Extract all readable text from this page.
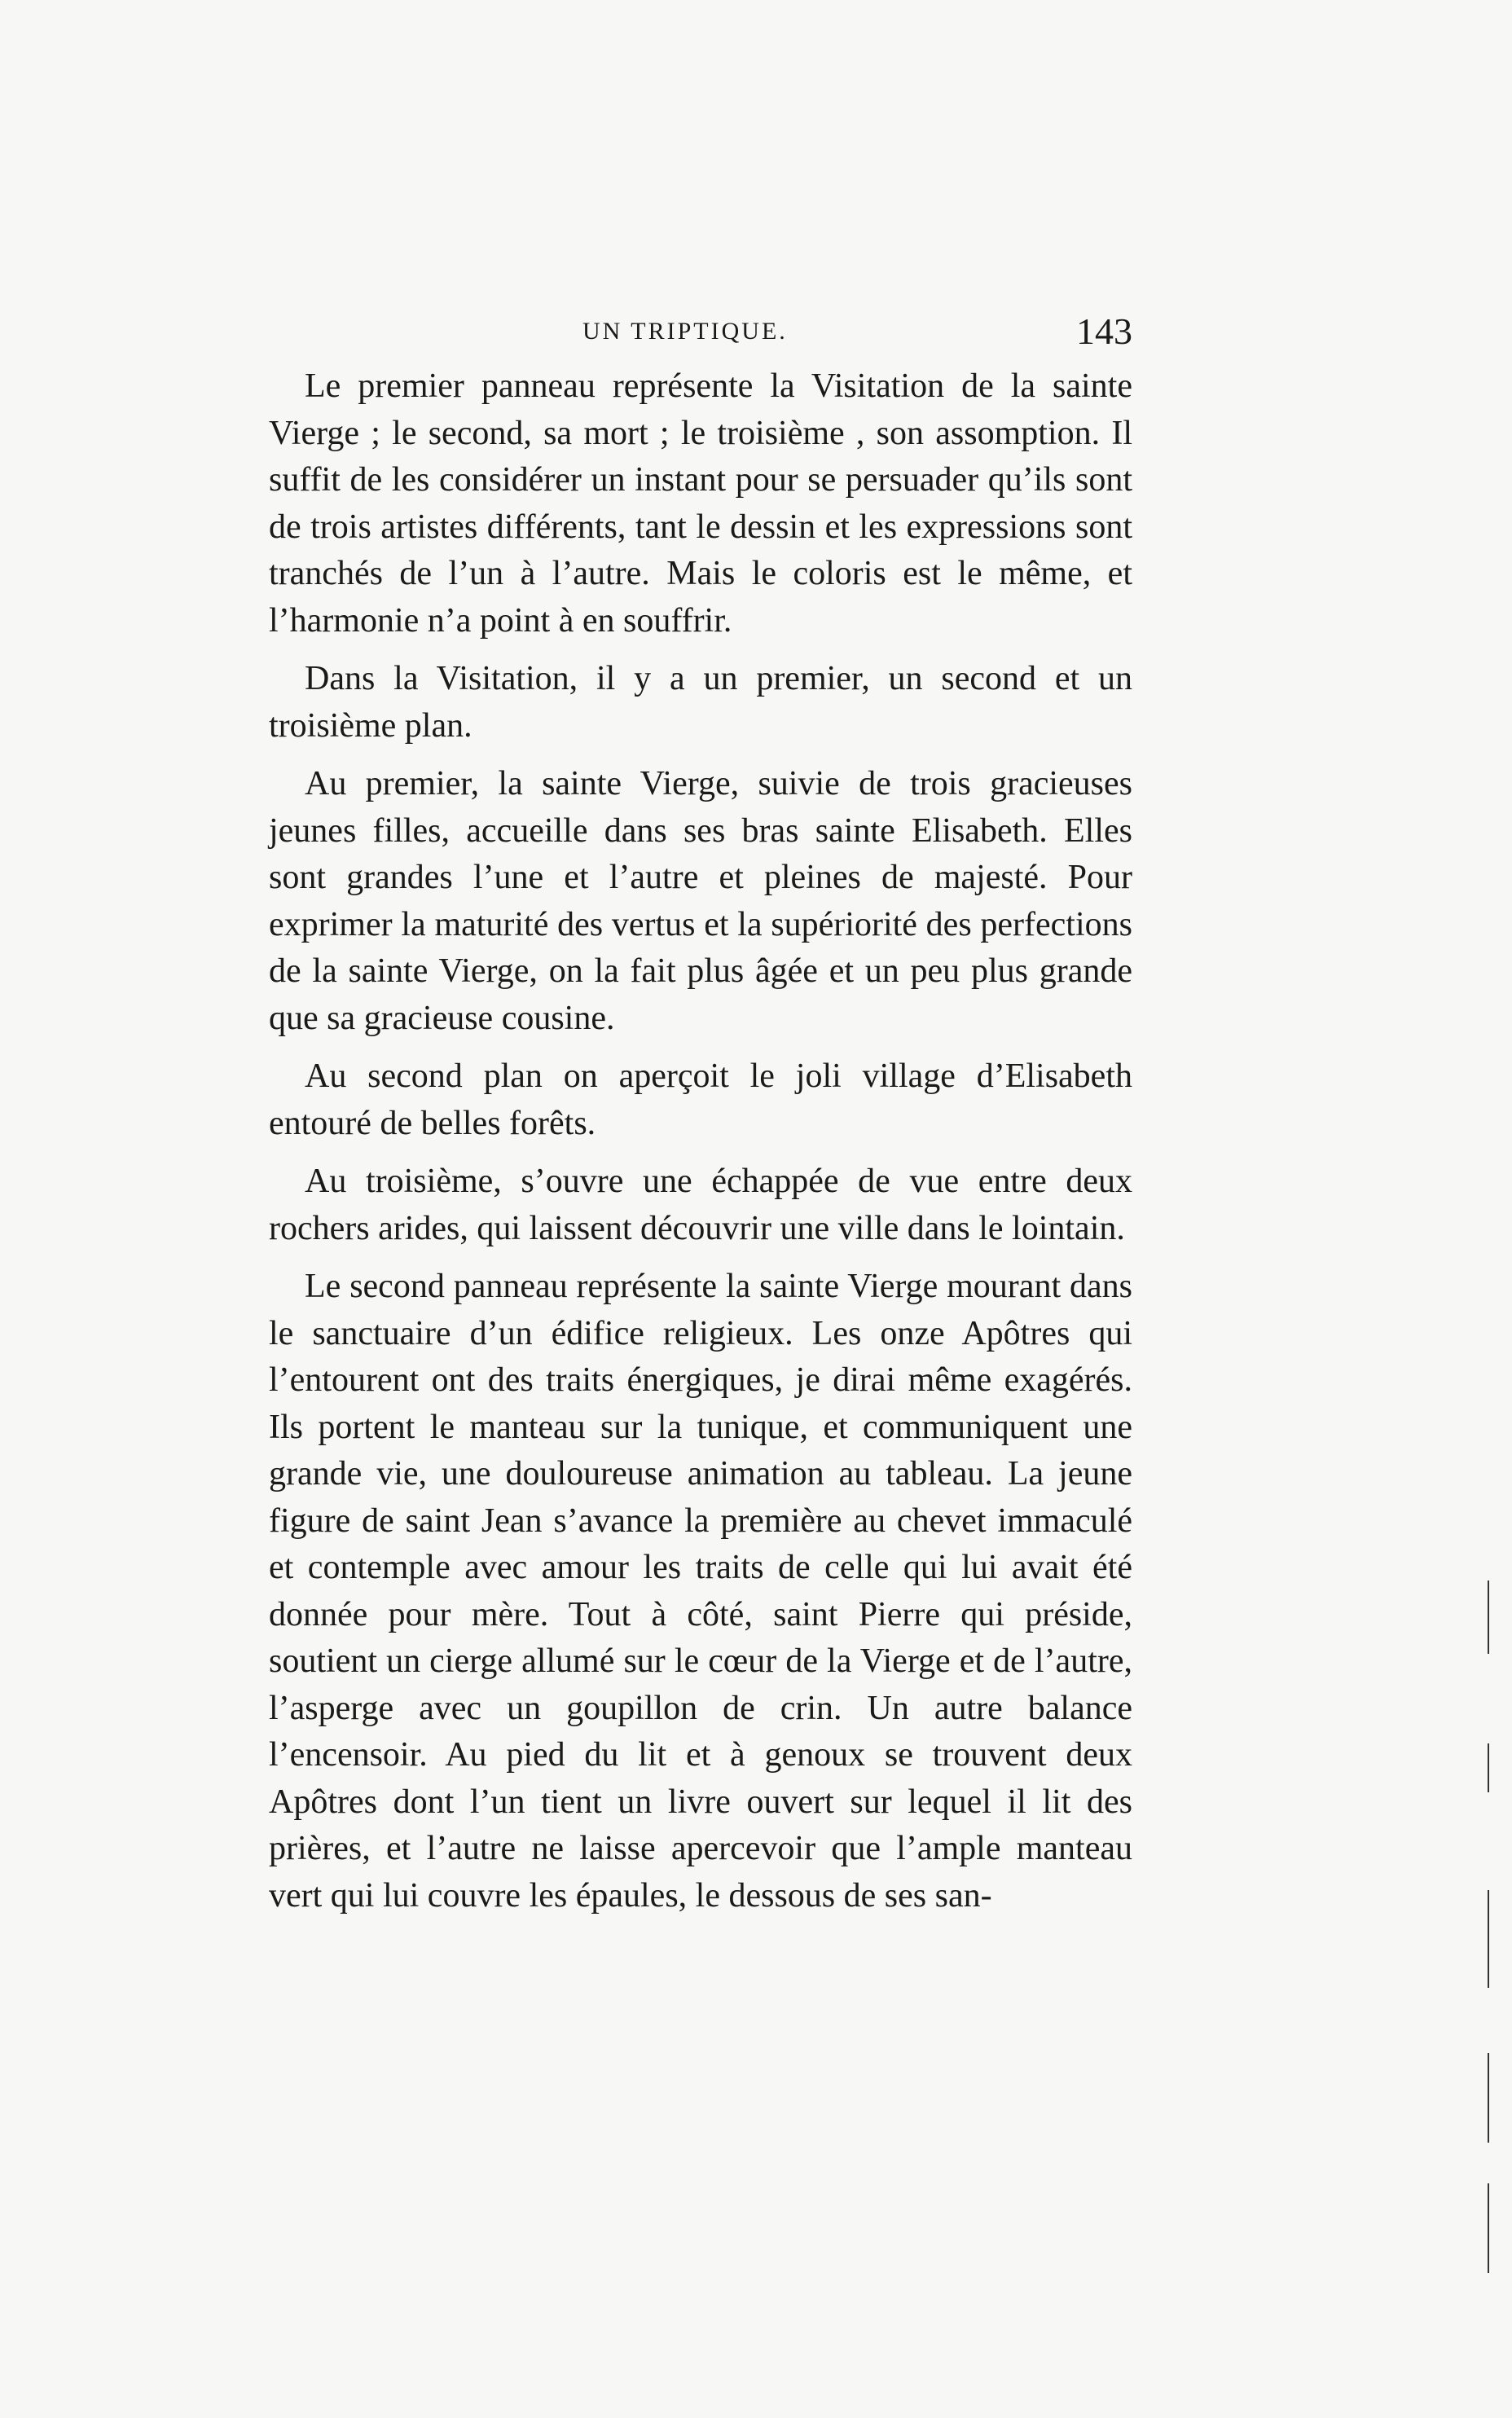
UN TRIPTIQUE.	143

Le premier panneau représente la Visitation de la sainte Vierge ; le second, sa mort ; le troisième , son assomption. Il suffit de les considérer un instant pour se persuader qu’ils sont de trois artistes différents, tant le dessin et les expressions sont tranchés de l’un à l’autre. Mais le coloris est le même, et l’harmonie n’a point à en souffrir.

Dans la Visitation, il y a un premier, un second et un troisième plan.

Au premier, la sainte Vierge, suivie de trois gracieuses jeunes filles, accueille dans ses bras sainte Elisabeth. Elles sont grandes l’une et l’autre et pleines de majesté. Pour exprimer la maturité des vertus et la supériorité des perfections de la sainte Vierge, on la fait plus âgée et un peu plus grande que sa gracieuse cousine.

Au second plan on aperçoit le joli village d’Elisabeth entouré de belles forêts.

Au troisième, s’ouvre une échappée de vue entre deux rochers arides, qui laissent découvrir une ville dans le lointain.

Le second panneau représente la sainte Vierge mourant dans le sanctuaire d’un édifice religieux. Les onze Apôtres qui l’entourent ont des traits énergiques, je dirai même exagérés. Ils portent le manteau sur la tunique, et communiquent une grande vie, une douloureuse animation au tableau. La jeune figure de saint Jean s’avance la première au chevet immaculé et contemple avec amour les traits de celle qui lui avait été donnée pour mère. Tout à côté, saint Pierre qui préside, soutient un cierge allumé sur le cœur de la Vierge et de l’autre, l’asperge avec un goupillon de crin. Un autre balance l’encensoir. Au pied du lit et à genoux se trouvent deux Apôtres dont l’un tient un livre ouvert sur lequel il lit des prières, et l’autre ne laisse apercevoir que l’ample manteau vert qui lui couvre les épaules, le dessous de ses san-
